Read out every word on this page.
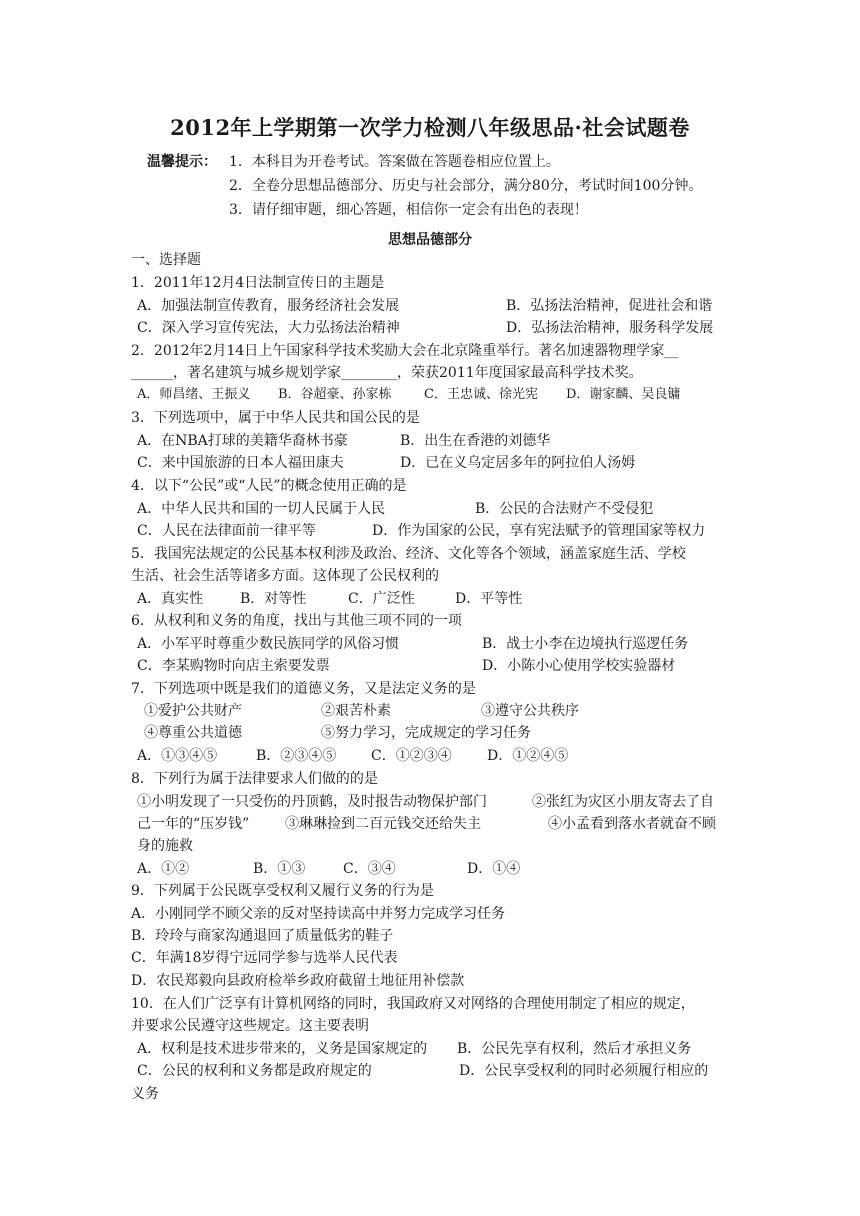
2012年上学期第一次学力检测八年级思品·社会试题卷
温馨提示： 1．本科目为开卷考试。答案做在答题卷相应位置上。
2．全卷分思想品德部分、历史与社会部分，满分80分，考试时间100分钟。
3．请仔细审题，细心答题，相信你一定会有出色的表现！
思想品德部分
一、选择题
1．2011年12月4日法制宣传日的主题是
A．加强法制宣传教育，服务经济社会发展	B．弘扬法治精神，促进社会和谐
C．深入学习宣传宪法，大力弘扬法治精神	D．弘扬法治精神，服务科学发展
2．2012年2月14日上午国家科学技术奖励大会在北京隆重举行。著名加速器物理学家__
______，著名建筑与城乡规划学家________，荣获2011年度国家最高科学技术奖。
A．师昌绪、王振义 B．谷超豪、孙家栋 C．王忠诚、徐光宪 D．谢家麟、吴良镛
3．下列选项中，属于中华人民共和国公民的是
A．在NBA打球的美籍华裔林书豪	B．出生在香港的刘德华
C．来中国旅游的日本人福田康夫	D．已在义乌定居多年的阿拉伯人汤姆
4．以下“公民”或“人民”的概念使用正确的是
A．中华人民共和国的一切人民属于人民	B．公民的合法财产不受侵犯
C．人民在法律面前一律平等	D．作为国家的公民，享有宪法赋予的管理国家等权力
5．我国宪法规定的公民基本权利涉及政治、经济、文化等各个领域，涵盖家庭生活、学校
生活、社会生活等诸多方面。这体现了公民权利的
A．真实性	B．对等性	C．广泛性	D．平等性
6．从权利和义务的角度，找出与其他三项不同的一项
A．小军平时尊重少数民族同学的风俗习惯	B．战士小李在边境执行巡逻任务
C．李某购物时向店主索要发票	D．小陈小心使用学校实验器材
7．下列选项中既是我们的道德义务，又是法定义务的是
①爱护公共财产	②艰苦朴素	③遵守公共秩序
④尊重公共道德	⑤努力学习，完成规定的学习任务
A．①③④⑤	B．②③④⑤ C．①②③④	D．①②④⑤
8．下列行为属于法律要求人们做的的是
①小明发现了一只受伤的丹顶鹤，及时报告动物保护部门	②张红为灾区小朋友寄去了自
己一年的“压岁钱”	③琳琳捡到二百元钱交还给失主	④小孟看到落水者就奋不顾
身的施救
A．①②	B．①③	C．③④	D．①④
9．下列属于公民既享受权利又履行义务的行为是
A．小刚同学不顾父亲的反对坚持读高中并努力完成学习任务
B．玲玲与商家沟通退回了质量低劣的鞋子
C．年满18岁得宁远同学参与选举人民代表
D．农民郑毅向县政府检举乡政府截留土地征用补偿款
10．在人们广泛享有计算机网络的同时，我国政府又对网络的合理使用制定了相应的规定，
并要求公民遵守这些规定。这主要表明
A．权利是技术进步带来的，义务是国家规定的 B．公民先享有权利，然后才承担义务
C．公民的权利和义务都是政府规定的	D．公民享受权利的同时必须履行相应的
义务
